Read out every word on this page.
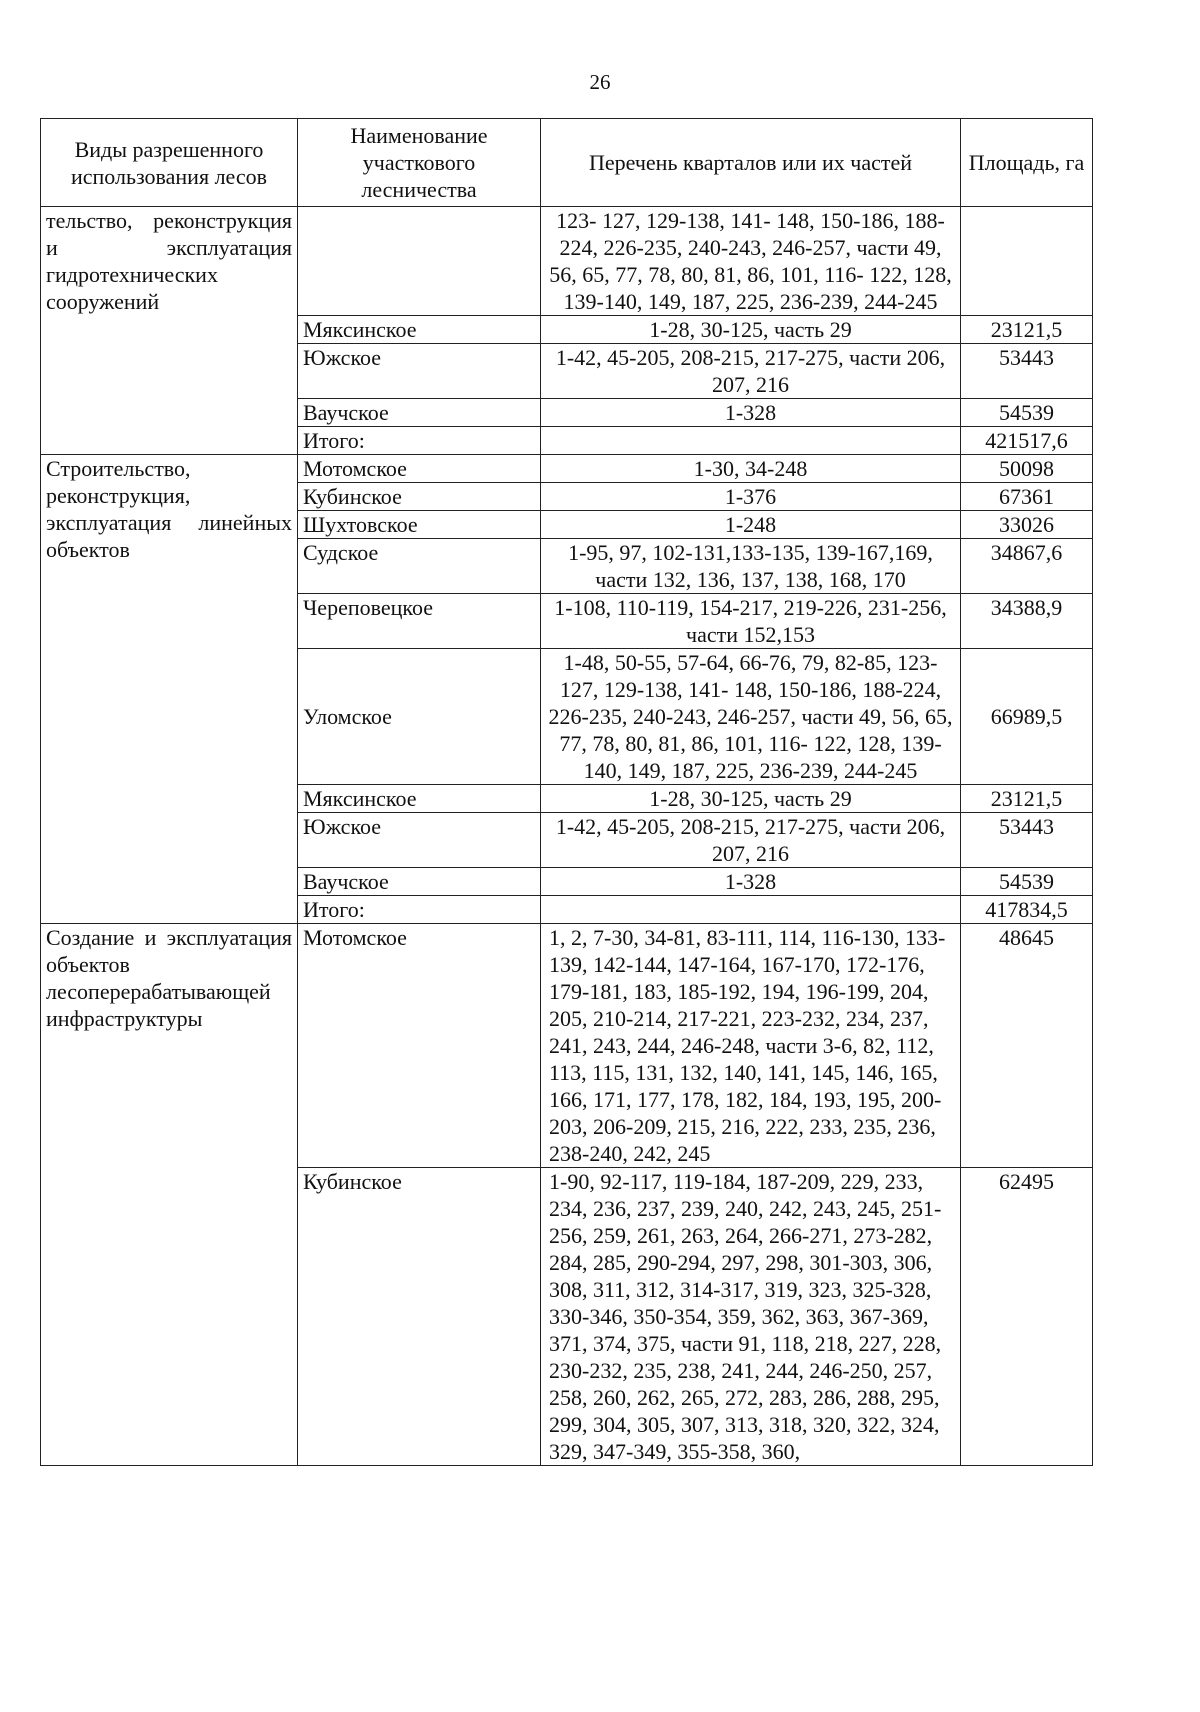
26
Виды разрешенного использования лесов	Наименование участкового лесничества	Перечень кварталов или их частей	Площадь, га
тельство, реконструкция и эксплуатация гидротехнических сооружений		123- 127, 129-138, 141- 148, 150-186, 188-224, 226-235, 240-243, 246-257, части 49, 56, 65, 77, 78, 80, 81, 86, 101, 116- 122, 128, 139-140, 149, 187, 225, 236-239, 244-245	
	Мяксинское	1-28, 30-125, часть 29	23121,5
	Южское	1-42, 45-205, 208-215, 217-275, части 206, 207, 216	53443
	Ваучское	1-328	54539
	Итого:		421517,6
Строительство, реконструкция, эксплуатация линейных объектов	Мотомское	1-30, 34-248	50098
	Кубинское	1-376	67361
	Шухтовское	1-248	33026
	Судское	1-95, 97, 102-131,133-135, 139-167,169, части 132, 136, 137, 138, 168, 170	34867,6
	Череповецкое	1-108, 110-119, 154-217, 219-226, 231-256, части 152,153	34388,9
	Уломское	1-48, 50-55, 57-64, 66-76, 79, 82-85, 123- 127, 129-138, 141- 148, 150-186, 188-224, 226-235, 240-243, 246-257, части 49, 56, 65, 77, 78, 80, 81, 86, 101, 116- 122, 128, 139-140, 149, 187, 225, 236-239, 244-245	66989,5
	Мяксинское	1-28, 30-125, часть 29	23121,5
	Южское	1-42, 45-205, 208-215, 217-275, части 206, 207, 216	53443
	Ваучское	1-328	54539
	Итого:		417834,5
Создание и эксплуатация объектов лесоперерабатывающей инфраструктуры	Мотомское	1, 2, 7-30, 34-81, 83-111, 114, 116-130, 133-139, 142-144, 147-164, 167-170, 172-176, 179-181, 183, 185-192, 194, 196-199, 204, 205, 210-214, 217-221, 223-232, 234, 237, 241, 243, 244, 246-248, части 3-6, 82, 112, 113, 115, 131, 132, 140, 141, 145, 146, 165, 166, 171, 177, 178, 182, 184, 193, 195, 200-203, 206-209, 215, 216, 222, 233, 235, 236, 238-240, 242, 245	48645
	Кубинское	1-90, 92-117, 119-184, 187-209, 229, 233, 234, 236, 237, 239, 240, 242, 243, 245, 251-256, 259, 261, 263, 264, 266-271, 273-282, 284, 285, 290-294, 297, 298, 301-303, 306, 308, 311, 312, 314-317, 319, 323, 325-328, 330-346, 350-354, 359, 362, 363, 367-369, 371, 374, 375, части 91, 118, 218, 227, 228, 230-232, 235, 238, 241, 244, 246-250, 257, 258, 260, 262, 265, 272, 283, 286, 288, 295, 299, 304, 305, 307, 313, 318, 320, 322, 324, 329, 347-349, 355-358, 360,	62495
